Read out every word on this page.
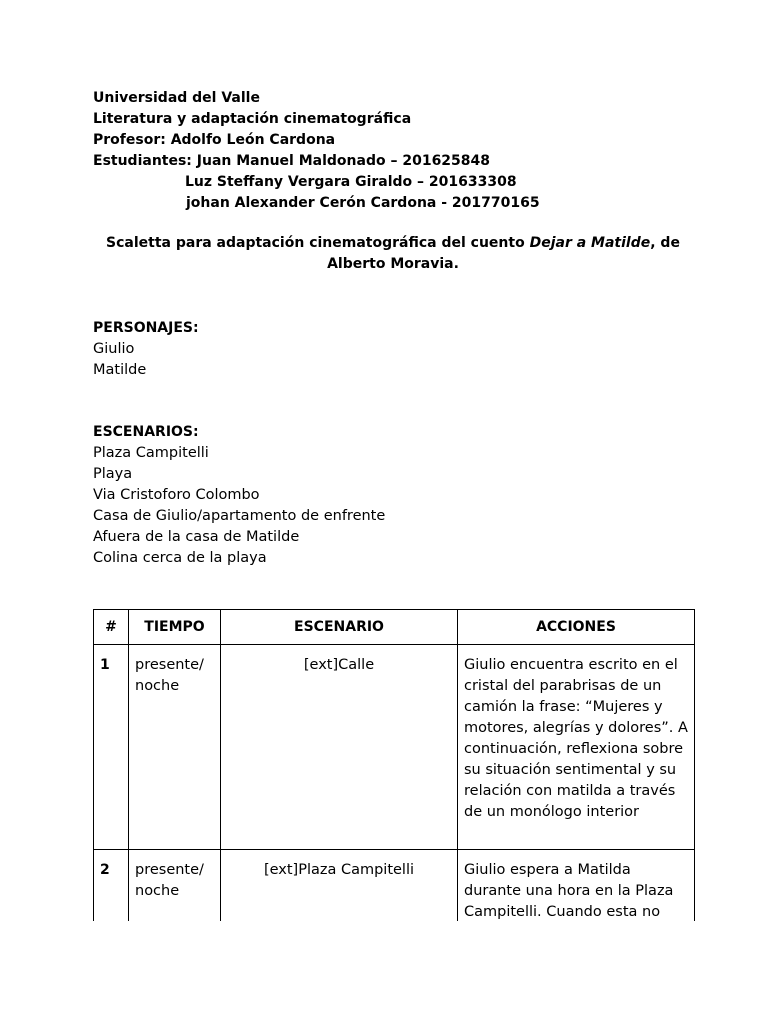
Universidad del Valle
Literatura y adaptación cinematográfica
Profesor: Adolfo León Cardona
Estudiantes: Juan Manuel Maldonado – 201625848
Luz Steffany Vergara Giraldo – 201633308
johan Alexander Cerón Cardona - 201770165
Scaletta para adaptación cinematográfica del cuento Dejar a Matilde, de
Alberto Moravia.
PERSONAJES:
Giulio
Matilde
ESCENARIOS:
Plaza Campitelli
Playa
Via Cristoforo Colombo
Casa de Giulio/apartamento de enfrente
Afuera de la casa de Matilde
Colina cerca de la playa
#	TIEMPO	ESCENARIO	ACCIONES
1	presente/ noche	[ext]Calle	Giulio encuentra escrito en el cristal del parabrisas de un camión la frase: “Mujeres y motores, alegrías y dolores”. A continuación, reflexiona sobre su situación sentimental y su relación con matilda a través de un monólogo interior
2	presente/ noche	[ext]Plaza Campitelli	Giulio espera a Matilda durante una hora en la Plaza Campitelli. Cuando esta no
